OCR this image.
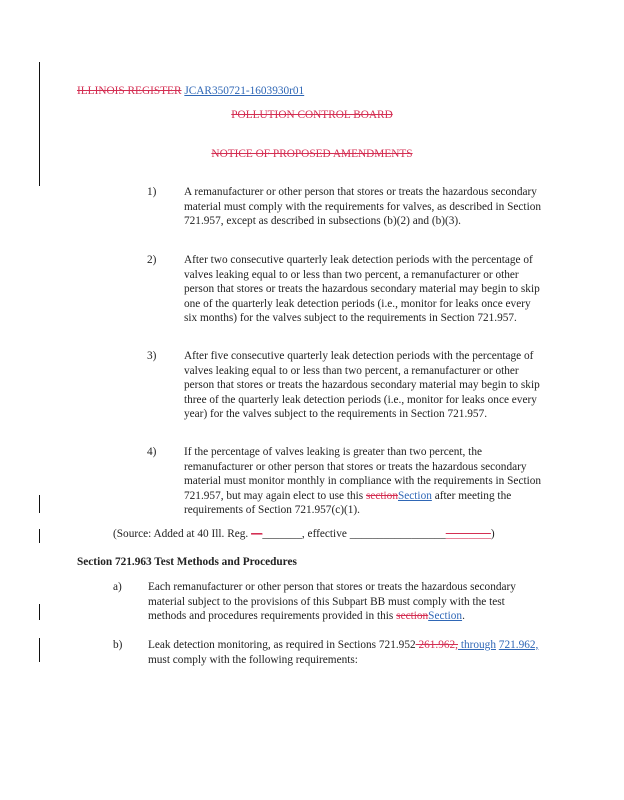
ILLINOIS REGISTER JCAR350721-1603930r01
POLLUTION CONTROL BOARD
NOTICE OF PROPOSED AMENDMENTS
1)	A remanufacturer or other person that stores or treats the hazardous secondary material must comply with the requirements for valves, as described in Section 721.957, except as described in subsections (b)(2) and (b)(3).
2)	After two consecutive quarterly leak detection periods with the percentage of valves leaking equal to or less than two percent, a remanufacturer or other person that stores or treats the hazardous secondary material may begin to skip one of the quarterly leak detection periods (i.e., monitor for leaks once every six months) for the valves subject to the requirements in Section 721.957.
3)	After five consecutive quarterly leak detection periods with the percentage of valves leaking equal to or less than two percent, a remanufacturer or other person that stores or treats the hazardous secondary material may begin to skip three of the quarterly leak detection periods (i.e., monitor for leaks once every year) for the valves subject to the requirements in Section 721.957.
4)	If the percentage of valves leaking is greater than two percent, the remanufacturer or other person that stores or treats the hazardous secondary material must monitor monthly in compliance with the requirements in Section 721.957, but may again elect to use this sectionSection after meeting the requirements of Section 721.957(c)(1).
(Source: Added at 40 Ill. Reg. —_______, effective _________________________)
Section 721.963 Test Methods and Procedures
a) Each remanufacturer or other person that stores or treats the hazardous secondary material subject to the provisions of this Subpart BB must comply with the test methods and procedures requirements provided in this sectionSection.
b) Leak detection monitoring, as required in Sections 721.952 261.962, through 721.962, must comply with the following requirements:
